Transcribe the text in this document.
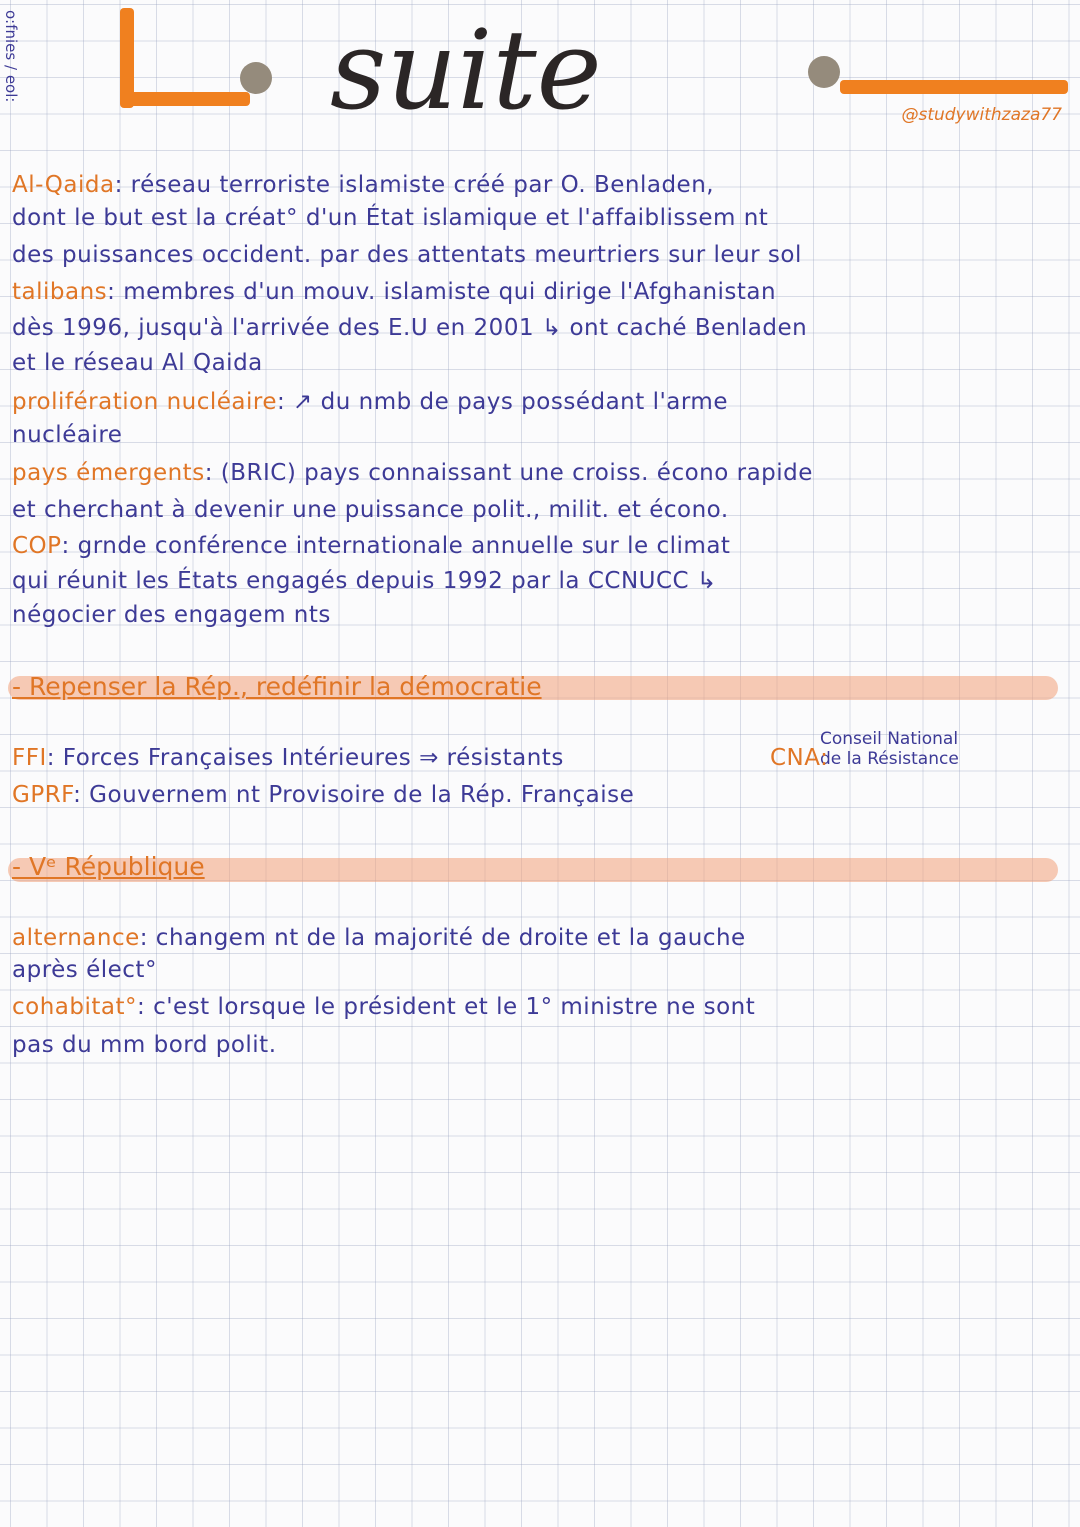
o:fnies / eol:	suite	@studywithzaza77
Al-Qaida: réseau terroriste islamiste créé par O. Benladen,
dont le but est la créat° d'un État islamique et l'affaiblissem nt
des puissances occident. par des attentats meurtriers sur leur sol
talibans: membres d'un mouv. islamiste qui dirige l'Afghanistan
dès 1996, jusqu'à l'arrivée des E.U en 2001 ↳ ont caché Benladen
et le réseau Al Qaida
prolifération nucléaire: ↗ du nmb de pays possédant l'arme
nucléaire
pays émergents: (BRIC) pays connaissant une croiss. écono rapide
et cherchant à devenir une puissance polit., milit. et écono.
COP: grnde conférence internationale annuelle sur le climat
qui réunit les États engagés depuis 1992 par la CCNUCC ↳
négocier des engagem nts
- Repenser la Rép., redéfinir la démocratie
FFI: Forces Françaises Intérieures ⇒ résistants
GPRF: Gouvernem nt Provisoire de la Rép. Française
Conseil National
de la Résistance
CNA:
- Vᵉ République
alternance: changem nt de la majorité de droite et la gauche
après élect°
cohabitat°: c'est lorsque le président et le 1° ministre ne sont
pas du mm bord polit.
